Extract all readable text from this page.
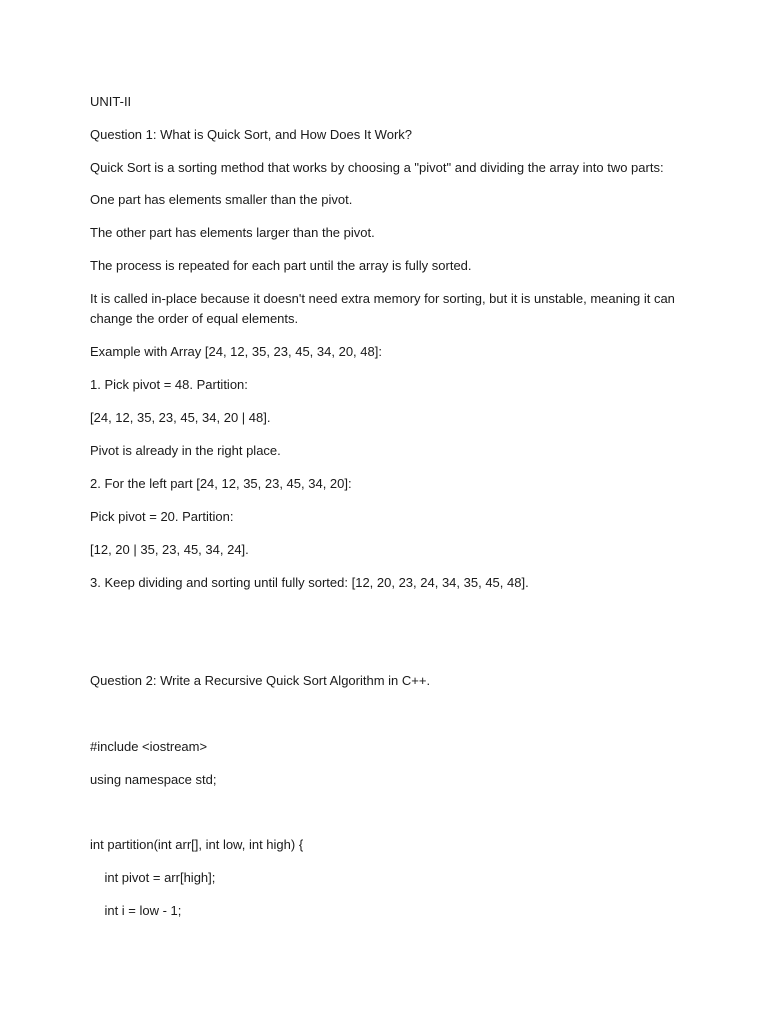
UNIT-II

Question 1: What is Quick Sort, and How Does It Work?

Quick Sort is a sorting method that works by choosing a "pivot" and dividing the array into two parts:

One part has elements smaller than the pivot.

The other part has elements larger than the pivot.

The process is repeated for each part until the array is fully sorted.

It is called in-place because it doesn't need extra memory for sorting, but it is unstable, meaning it can change the order of equal elements.

Example with Array [24, 12, 35, 23, 45, 34, 20, 48]:

1. Pick pivot = 48. Partition:

[24, 12, 35, 23, 45, 34, 20 | 48].

Pivot is already in the right place.

2. For the left part [24, 12, 35, 23, 45, 34, 20]:

Pick pivot = 20. Partition:

[12, 20 | 35, 23, 45, 34, 24].

3. Keep dividing and sorting until fully sorted: [12, 20, 23, 24, 34, 35, 45, 48].

Question 2: Write a Recursive Quick Sort Algorithm in C++.

#include <iostream>

using namespace std;

int partition(int arr[], int low, int high) {

int pivot = arr[high];

int i = low - 1;
